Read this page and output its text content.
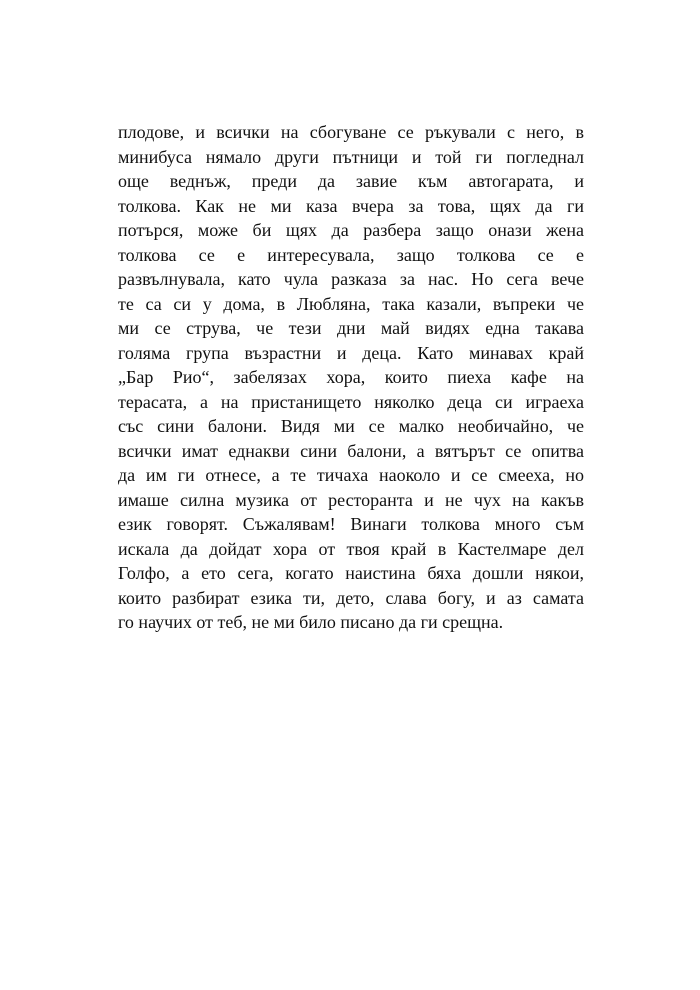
плодове, и всички на сбогуване се ръкували с него, в
минибуса нямало други пътници и той ги погледнал
още веднъж, преди да завие към автогарата, и
толкова. Как не ми каза вчера за това, щях да ги
потърся, може би щях да разбера защо онази жена
толкова се е интересувала, защо толкова се е
развълнувала, като чула разказа за нас. Но сега вече
те са си у дома, в Любляна, така казали, въпреки че
ми се струва, че тези дни май видях една такава
голяма група възрастни и деца. Като минавах край
„Бар Рио“, забелязах хора, които пиеха кафе на
терасата, а на пристанището няколко деца си играеха
със сини балони. Видя ми се малко необичайно, че
всички имат еднакви сини балони, а вятърът се опитва
да им ги отнесе, а те тичаха наоколо и се смееха, но
имаше силна музика от ресторанта и не чух на какъв
език говорят. Съжалявам! Винаги толкова много съм
искала да дойдат хора от твоя край в Кастелмаре дел
Голфо, а ето сега, когато наистина бяха дошли някои,
които разбират езика ти, дето, слава богу, и аз самата
го научих от теб, не ми било писано да ги срещна.
